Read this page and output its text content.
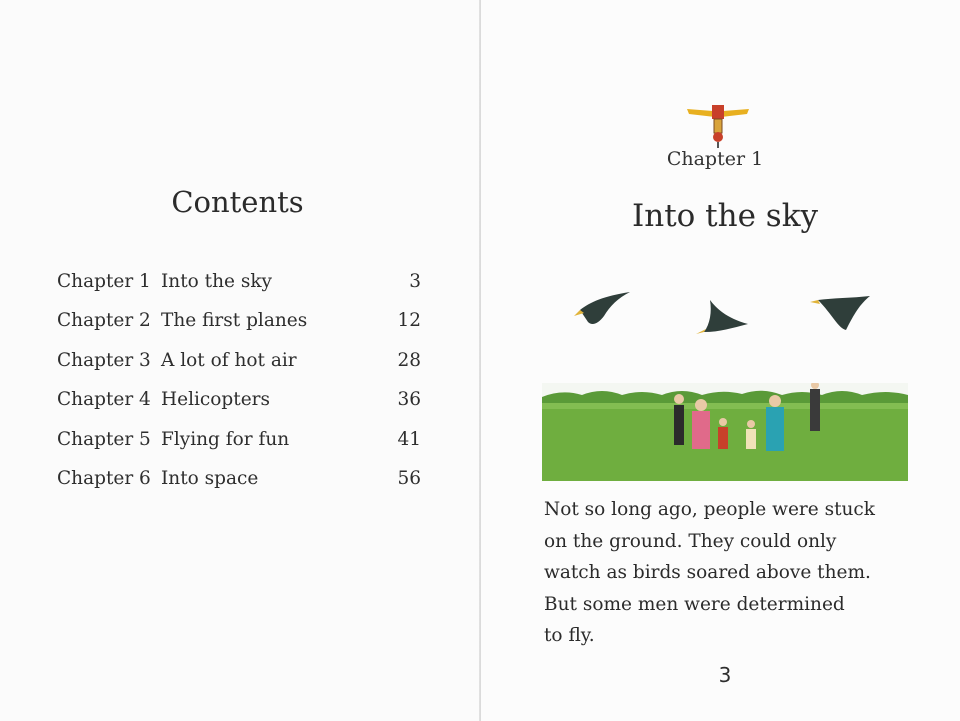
Contents
Chapter 1 Into the sky	3
Chapter 2 The first planes	12
Chapter 3 A lot of hot air	28
Chapter 4 Helicopters	36
Chapter 5 Flying for fun	41
Chapter 6 Into space	56
Chapter 1
Into the sky
Not so long ago, people were stuck
on the ground. They could only
watch as birds soared above them.
But some men were determined
to fly.
3
